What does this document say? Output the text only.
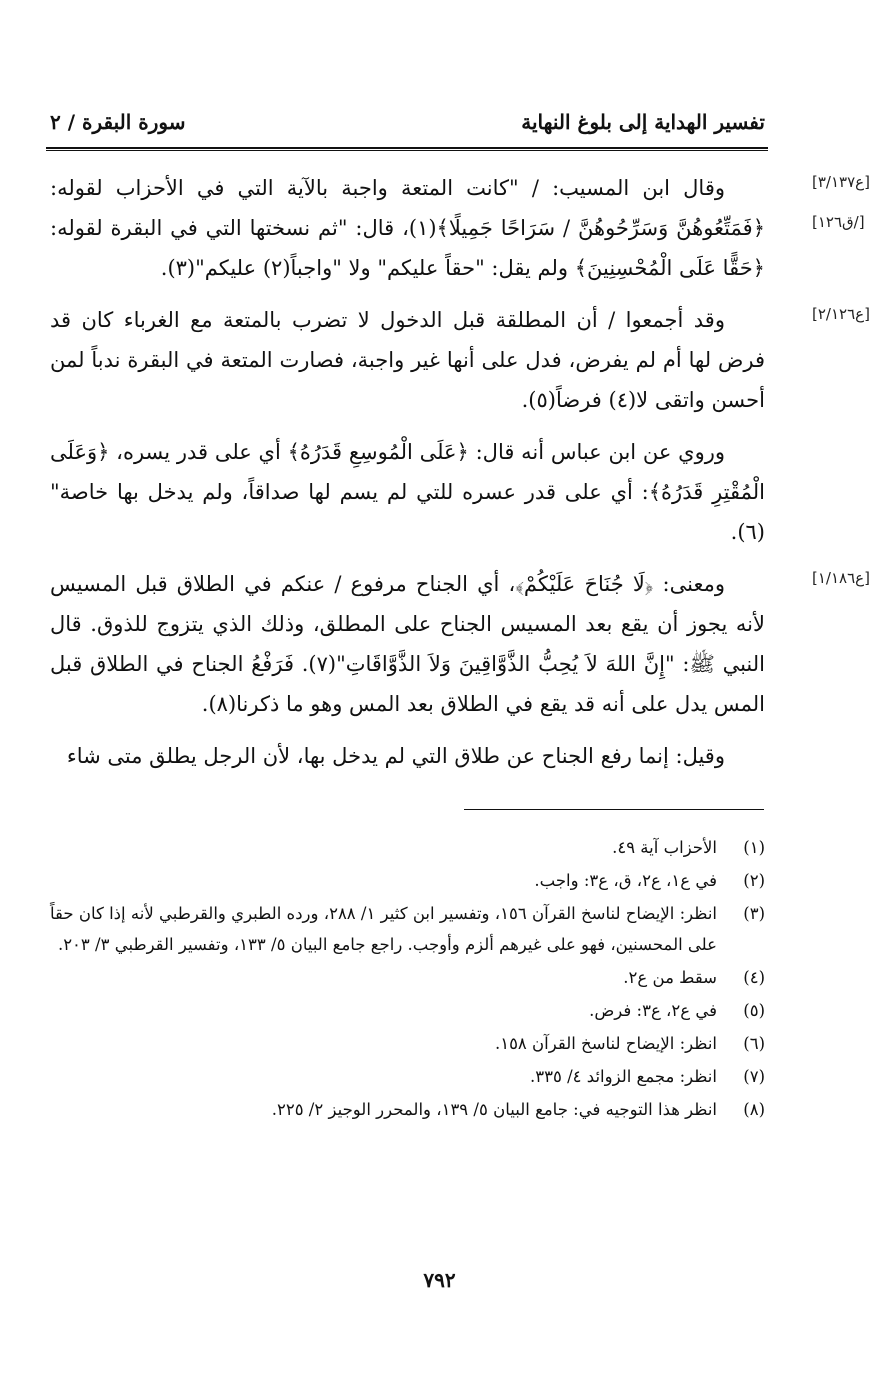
تفسير الهداية إلى بلوغ النهاية
سورة البقرة / ٢
[ع٣/١٣٧]
[ق١٢٦/]
وقال ابن المسيب: / "كانت المتعة واجبة بالآية التي في الأحزاب لقوله: ﴿فَمَتِّعُوهُنَّ وَسَرِّحُوهُنَّ / سَرَاحًا جَمِيلًا﴾(١)، قال: "ثم نسختها التي في البقرة لقوله: ﴿حَقًّا عَلَى الْمُحْسِنِينَ﴾ ولم يقل: "حقاً عليكم" ولا "واجباً(٢) عليكم"(٣).
[ع٢/١٢٦]
وقد أجمعوا / أن المطلقة قبل الدخول لا تضرب بالمتعة مع الغرباء كان قد فرض لها أم لم يفرض، فدل على أنها غير واجبة، فصارت المتعة في البقرة ندباً لمن أحسن واتقى لا(٤) فرضاً(٥).
وروي عن ابن عباس أنه قال: ﴿عَلَى الْمُوسِعِ قَدَرُهُ﴾ أي على قدر يسره، ﴿وَعَلَى الْمُقْتِرِ قَدَرُهُ﴾: أي على قدر عسره للتي لم يسم لها صداقاً، ولم يدخل بها خاصة"(٦).
[ع١/١٨٦]
ومعنى: ﴿لَا جُنَاحَ عَلَيْكُمْ﴾، أي الجناح مرفوع / عنكم في الطلاق قبل المسيس لأنه يجوز أن يقع بعد المسيس الجناح على المطلق، وذلك الذي يتزوج للذوق. قال النبي ﷺ: "إِنَّ اللهَ لاَ يُحِبُّ الذَّوَّاقِينَ وَلاَ الذَّوَّاقَاتِ"(٧). فَرَفْعُ الجناح في الطلاق قبل المس يدل على أنه قد يقع في الطلاق بعد المس وهو ما ذكرنا(٨).
وقيل: إنما رفع الجناح عن طلاق التي لم يدخل بها، لأن الرجل يطلق متى شاء
(١)
الأحزاب آية ٤٩.
(٢)
في ع١، ع٢، ق، ع٣: واجب.
(٣)
انظر: الإيضاح لناسخ القرآن ١٥٦، وتفسير ابن كثير ١/ ٢٨٨، ورده الطبري والقرطبي لأنه إذا كان حقاً على المحسنين، فهو على غيرهم ألزم وأوجب. راجع جامع البيان ٥/ ١٣٣، وتفسير القرطبي ٣/ ٢٠٣.
(٤)
سقط من ع٢.
(٥)
في ع٢، ع٣: فرض.
(٦)
انظر: الإيضاح لناسخ القرآن ١٥٨.
(٧)
انظر: مجمع الزوائد ٤/ ٣٣٥.
(٨)
انظر هذا التوجيه في: جامع البيان ٥/ ١٣٩، والمحرر الوجيز ٢/ ٢٢٥.
٧٩٢
